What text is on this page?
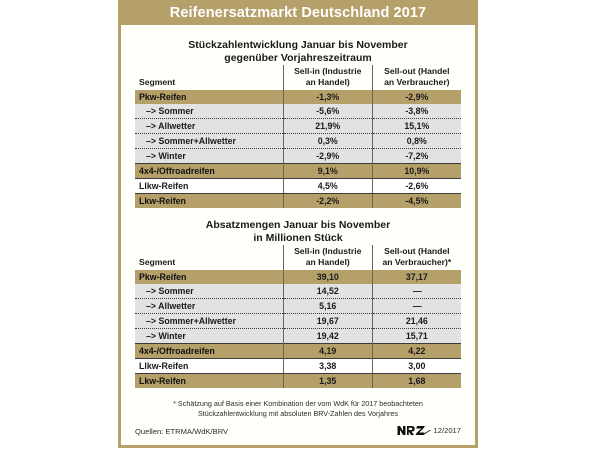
Reifenersatzmarkt Deutschland 2017
Stückzahlentwicklung Januar bis November
gegenüber Vorjahreszeitraum
Segment	Sell-in (Industrie
an Handel)	Sell-out (Handel
an Verbraucher)

Pkw-Reifen	-1,3%	-2,9%
–> Sommer	-5,6%	-3,8%
–> Allwetter	21,9%	15,1%
–> Sommer+Allwetter	0,3%	0,8%
–> Winter	-2,9%	-7,2%
4x4-/Offroadreifen	9,1%	10,9%
Llkw-Reifen	4,5%	-2,6%
Lkw-Reifen	-2,2%	-4,5%
Absatzmengen Januar bis November
in Millionen Stück
Segment	Sell-in (Industrie
an Handel)	Sell-out (Handel
an Verbraucher)*

Pkw-Reifen	39,10	37,17
–> Sommer	14,52	—
–> Allwetter	5,16	—
–> Sommer+Allwetter	19,67	21,46
–> Winter	19,42	15,71
4x4-/Offroadreifen	4,19	4,22
Llkw-Reifen	3,38	3,00
Lkw-Reifen	1,35	1,68
* Schätzung auf Basis einer Kombination der vom WdK für 2017 beobachteten
Stückzahlentwicklung mit absoluten BRV-Zahlen des Vorjahres
Quellen: ETRMA/WdK/BRV	12/2017
